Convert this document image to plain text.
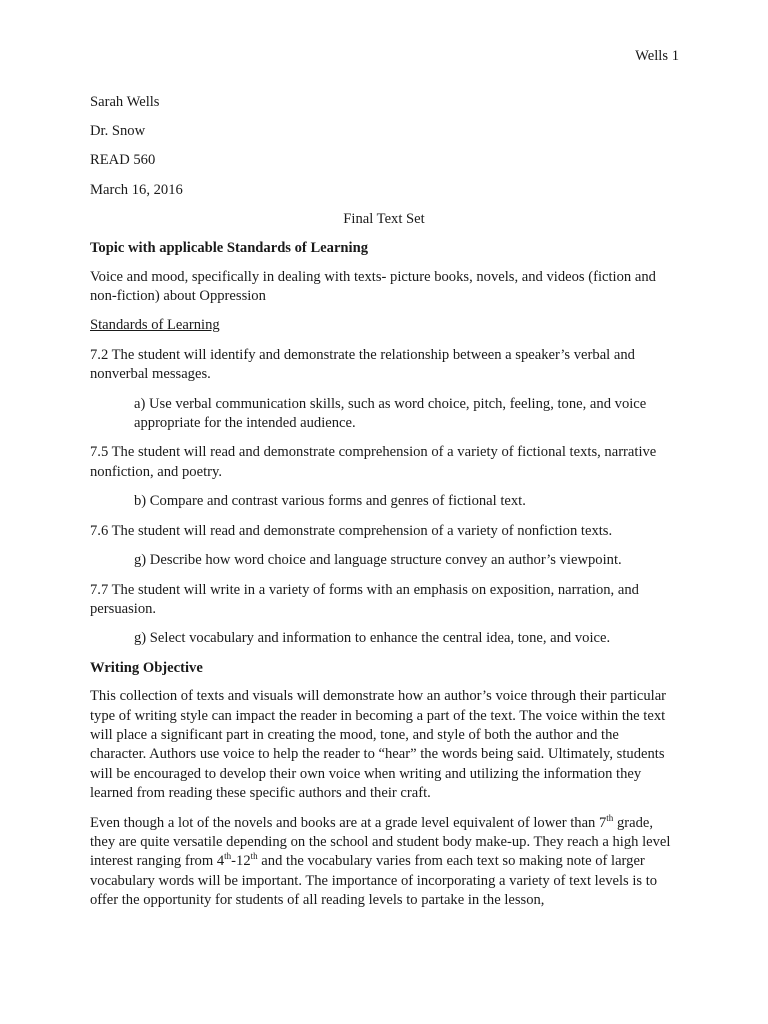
Wells 1

Sarah Wells

Dr. Snow

READ 560

March 16, 2016

Final Text Set

Topic with applicable Standards of Learning

Voice and mood, specifically in dealing with texts- picture books, novels, and videos (fiction and non-fiction) about Oppression

Standards of Learning

7.2 The student will identify and demonstrate the relationship between a speaker’s verbal and nonverbal messages.

a) Use verbal communication skills, such as word choice, pitch, feeling, tone, and voice appropriate for the intended audience.

7.5 The student will read and demonstrate comprehension of a variety of fictional texts, narrative nonfiction, and poetry.

b) Compare and contrast various forms and genres of fictional text.

7.6 The student will read and demonstrate comprehension of a variety of nonfiction texts.

g) Describe how word choice and language structure convey an author’s viewpoint.

7.7 The student will write in a variety of forms with an emphasis on exposition, narration, and persuasion.

g) Select vocabulary and information to enhance the central idea, tone, and voice.

Writing Objective

This collection of texts and visuals will demonstrate how an author’s voice through their particular type of writing style can impact the reader in becoming a part of the text. The voice within the text will place a significant part in creating the mood, tone, and style of both the author and the character. Authors use voice to help the reader to “hear” the words being said. Ultimately, students will be encouraged to develop their own voice when writing and utilizing the information they learned from reading these specific authors and their craft.

Even though a lot of the novels and books are at a grade level equivalent of lower than 7th grade, they are quite versatile depending on the school and student body make-up. They reach a high level interest ranging from 4th-12th and the vocabulary varies from each text so making note of larger vocabulary words will be important. The importance of incorporating a variety of text levels is to offer the opportunity for students of all reading levels to partake in the lesson,
